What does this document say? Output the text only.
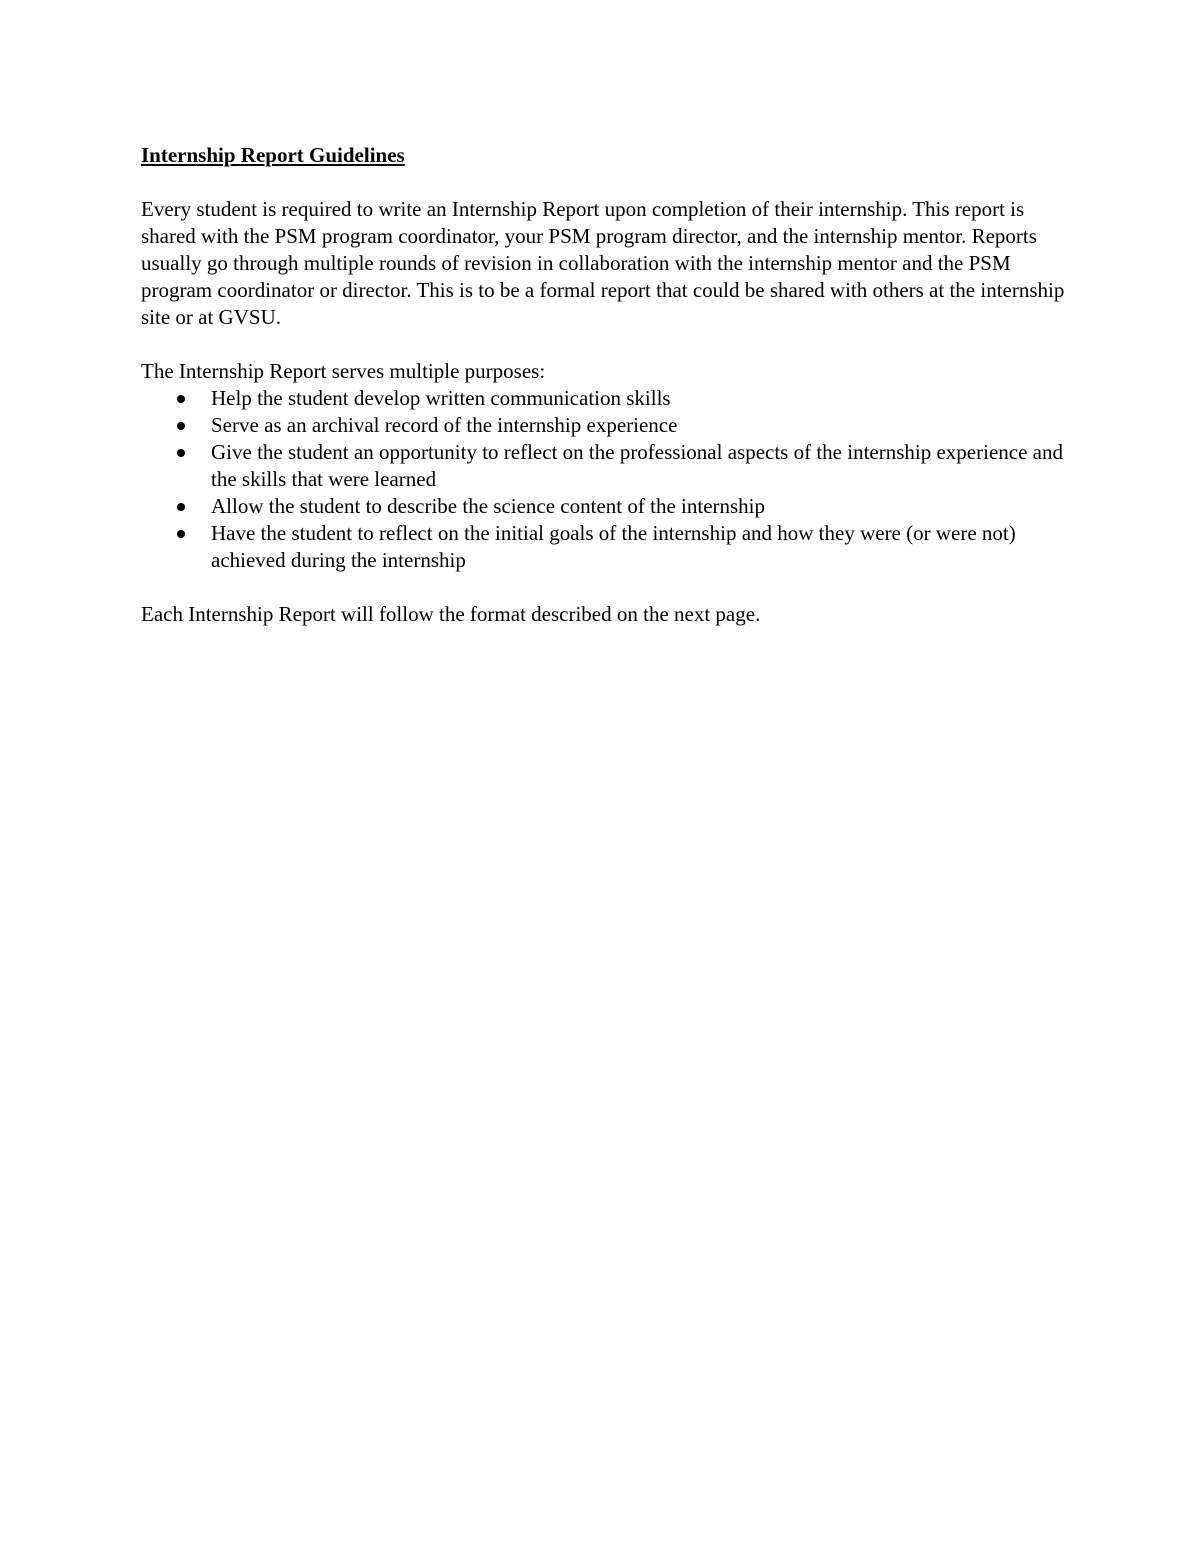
Internship Report Guidelines

Every student is required to write an Internship Report upon completion of their internship. This report is shared with the PSM program coordinator, your PSM program director, and the internship mentor. Reports usually go through multiple rounds of revision in collaboration with the internship mentor and the PSM program coordinator or director. This is to be a formal report that could be shared with others at the internship site or at GVSU.

The Internship Report serves multiple purposes:

Help the student develop written communication skills
Serve as an archival record of the internship experience
Give the student an opportunity to reflect on the professional aspects of the internship experience and the skills that were learned
Allow the student to describe the science content of the internship
Have the student to reflect on the initial goals of the internship and how they were (or were not) achieved during the internship

Each Internship Report will follow the format described on the next page.
